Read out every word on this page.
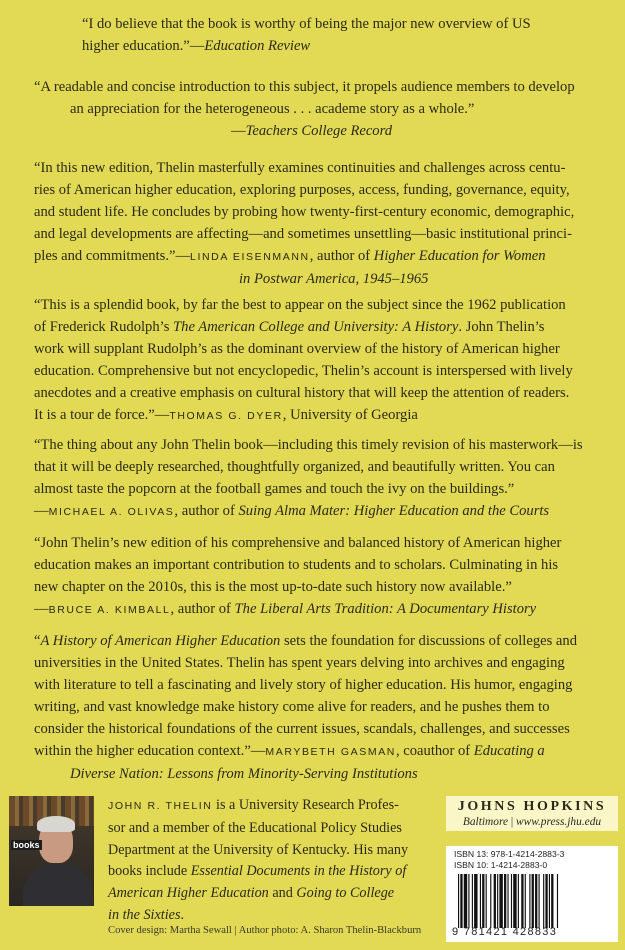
“I do believe that the book is worthy of being the major new overview of US
higher education.”—Education Review
“A readable and concise introduction to this subject, it propels audience members to develop
an appreciation for the heterogeneous . . . academe story as a whole.”
—Teachers College Record
“In this new edition, Thelin masterfully examines continuities and challenges across centu-
ries of American higher education, exploring purposes, access, funding, governance, equity,
and student life. He concludes by probing how twenty-first-century economic, demographic,
and legal developments are affecting—and sometimes unsettling—basic institutional princi-
ples and commitments.”—LINDA EISENMANN, author of Higher Education for Women
in Postwar America, 1945–1965
“This is a splendid book, by far the best to appear on the subject since the 1962 publication
of Frederick Rudolph’s The American College and University: A History. John Thelin’s
work will supplant Rudolph’s as the dominant overview of the history of American higher
education. Comprehensive but not encyclopedic, Thelin’s account is interspersed with lively
anecdotes and a creative emphasis on cultural history that will keep the attention of readers.
It is a tour de force.”—THOMAS G. DYER, University of Georgia
“The thing about any John Thelin book—including this timely revision of his masterwork—is
that it will be deeply researched, thoughtfully organized, and beautifully written. You can
almost taste the popcorn at the football games and touch the ivy on the buildings.”
—MICHAEL A. OLIVAS, author of Suing Alma Mater: Higher Education and the Courts
“John Thelin’s new edition of his comprehensive and balanced history of American higher
education makes an important contribution to students and to scholars. Culminating in his
new chapter on the 2010s, this is the most up-to-date such history now available.”
—BRUCE A. KIMBALL, author of The Liberal Arts Tradition: A Documentary History
“A History of American Higher Education sets the foundation for discussions of colleges and
universities in the United States. Thelin has spent years delving into archives and engaging
with literature to tell a fascinating and lively story of higher education. His humor, engaging
writing, and vast knowledge make history come alive for readers, and he pushes them to
consider the historical foundations of the current issues, scandals, challenges, and successes
within the higher education context.”—MARYBETH GASMAN, coauthor of Educating a
Diverse Nation: Lessons from Minority-Serving Institutions
books
JOHN R. THELIN is a University Research Profes-
sor and a member of the Educational Policy Studies
Department at the University of Kentucky. His many
books include Essential Documents in the History of
American Higher Education and Going to College
in the Sixties.
JOHNS HOPKINS
Baltimore | www.press.jhu.edu
ISBN 13: 978-1-4214-2883-3
ISBN 10: 1-4214-2883-0
9 781421 428833
Cover design: Martha Sewall | Author photo: A. Sharon Thelin-Blackburn
